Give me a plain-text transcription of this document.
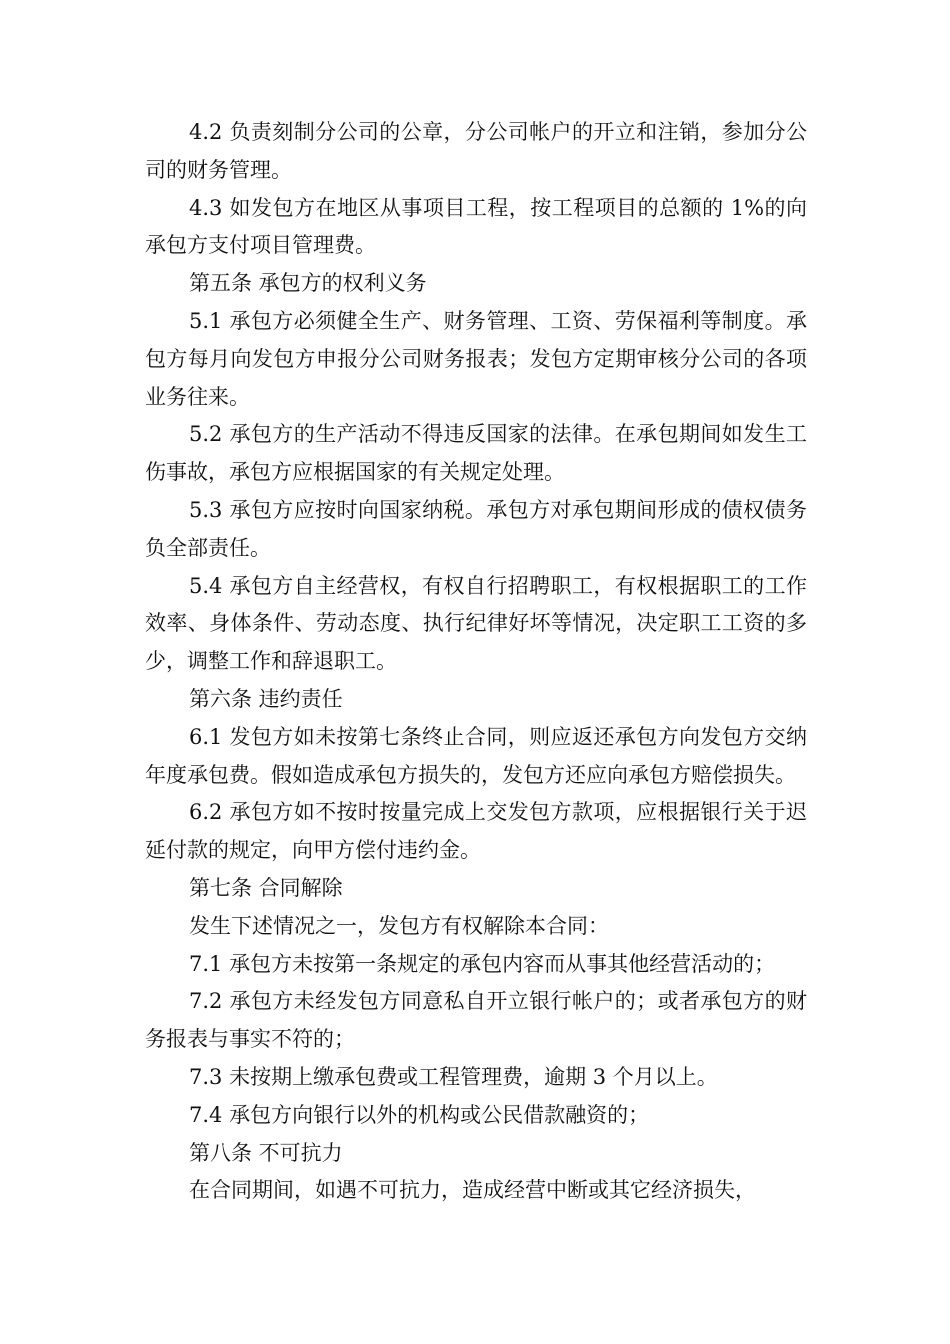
4.2 负责刻制分公司的公章，分公司帐户的开立和注销，参加分公司的财务管理。

4.3 如发包方在地区从事项目工程，按工程项目的总额的 1%的向承包方支付项目管理费。

第五条 承包方的权利义务

5.1 承包方必须健全生产、财务管理、工资、劳保福利等制度。承包方每月向发包方申报分公司财务报表；发包方定期审核分公司的各项业务往来。

5.2 承包方的生产活动不得违反国家的法律。在承包期间如发生工伤事故，承包方应根据国家的有关规定处理。

5.3 承包方应按时向国家纳税。承包方对承包期间形成的债权债务负全部责任。

5.4 承包方自主经营权，有权自行招聘职工，有权根据职工的工作效率、身体条件、劳动态度、执行纪律好坏等情况，决定职工工资的多少，调整工作和辞退职工。

第六条 违约责任

6.1 发包方如未按第七条终止合同，则应返还承包方向发包方交纳年度承包费。假如造成承包方损失的，发包方还应向承包方赔偿损失。

6.2 承包方如不按时按量完成上交发包方款项，应根据银行关于迟延付款的规定，向甲方偿付违约金。

第七条 合同解除

发生下述情况之一，发包方有权解除本合同：

7.1 承包方未按第一条规定的承包内容而从事其他经营活动的；

7.2 承包方未经发包方同意私自开立银行帐户的；或者承包方的财务报表与事实不符的；

7.3 未按期上缴承包费或工程管理费，逾期 3 个月以上。

7.4 承包方向银行以外的机构或公民借款融资的；

第八条 不可抗力

在合同期间，如遇不可抗力，造成经营中断或其它经济损失，
